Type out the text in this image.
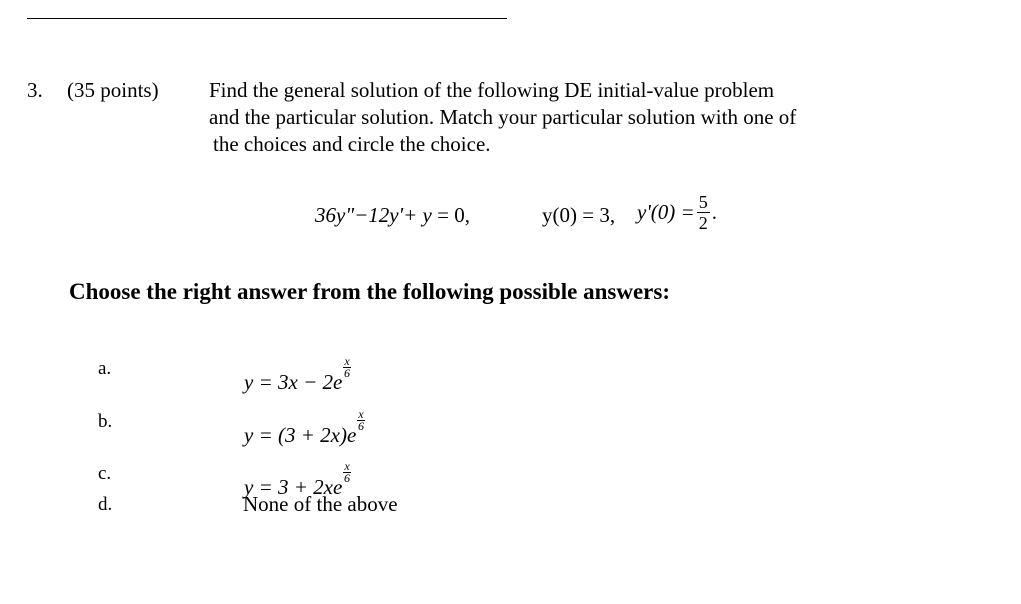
3. (35 points) Find the general solution of the following DE initial-value problem
and the particular solution. Match your particular solution with one of
the choices and circle the choice.
36y"−12y'+ y = 0,	y(0) = 3, $y'(0) = \frac{5}{2}$ .
Choose the right answer from the following possible answers:
a.
y = 3x − 2e
$\frac{x}{6}$
b.
y = (3 + 2x)e
$\frac{x}{6}$
c.
y = 3 + 2xe
$\frac{x}{6}$
d.	None of the above
